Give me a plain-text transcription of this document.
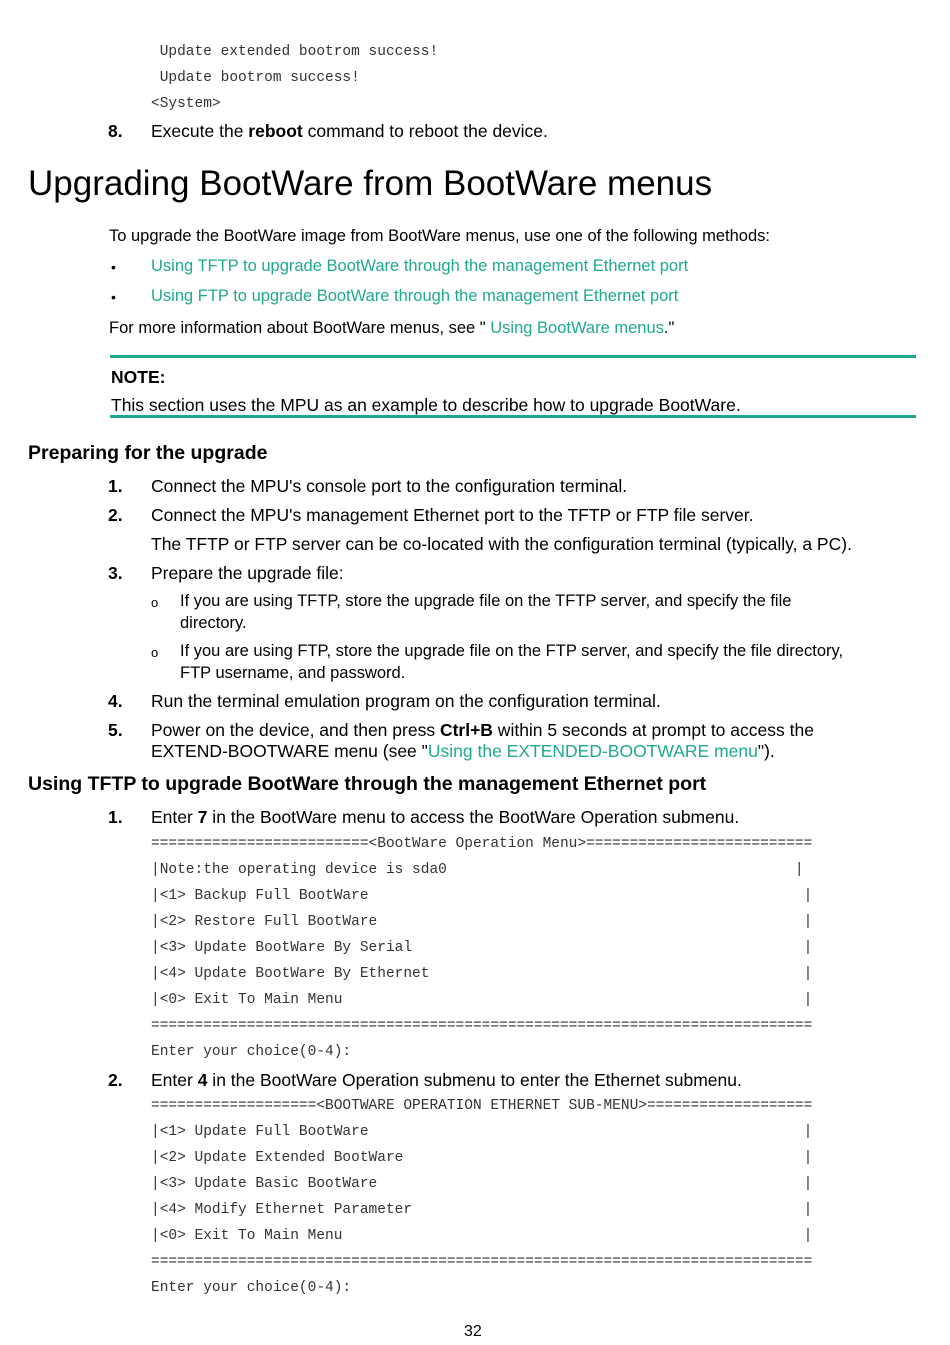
Update extended bootrom success!
Update bootrom success!
<System>
8. Execute the reboot command to reboot the device.
Upgrading BootWare from BootWare menus
To upgrade the BootWare image from BootWare menus, use one of the following methods:
• Using TFTP to upgrade BootWare through the management Ethernet port
• Using FTP to upgrade BootWare through the management Ethernet port
For more information about BootWare menus, see " Using BootWare menus."
NOTE:
This section uses the MPU as an example to describe how to upgrade BootWare.
Preparing for the upgrade
1. Connect the MPU's console port to the configuration terminal.
2. Connect the MPU's management Ethernet port to the TFTP or FTP file server.
The TFTP or FTP server can be co-located with the configuration terminal (typically, a PC).
3. Prepare the upgrade file:
o If you are using TFTP, store the upgrade file on the TFTP server, and specify the file
directory.
o If you are using FTP, store the upgrade file on the FTP server, and specify the file directory,
FTP username, and password.
4. Run the terminal emulation program on the configuration terminal.
5. Power on the device, and then press Ctrl+B within 5 seconds at prompt to access the
EXTEND-BOOTWARE menu (see "Using the EXTENDED-BOOTWARE menu").
Using TFTP to upgrade BootWare through the management Ethernet port
1. Enter 7 in the BootWare menu to access the BootWare Operation submenu.
=========================<BootWare Operation Menu>==========================
|Note:the operating device is sda0                                        |
|<1> Backup Full BootWare                                                  |
|<2> Restore Full BootWare                                                 |
|<3> Update BootWare By Serial                                             |
|<4> Update BootWare By Ethernet                                           |
|<0> Exit To Main Menu                                                     |
============================================================================
Enter your choice(0-4):
2. Enter 4 in the BootWare Operation submenu to enter the Ethernet submenu.
===================<BOOTWARE OPERATION ETHERNET SUB-MENU>===================
|<1> Update Full BootWare                                                  |
|<2> Update Extended BootWare                                              |
|<3> Update Basic BootWare                                                 |
|<4> Modify Ethernet Parameter                                             |
|<0> Exit To Main Menu                                                     |
============================================================================
Enter your choice(0-4):
32
